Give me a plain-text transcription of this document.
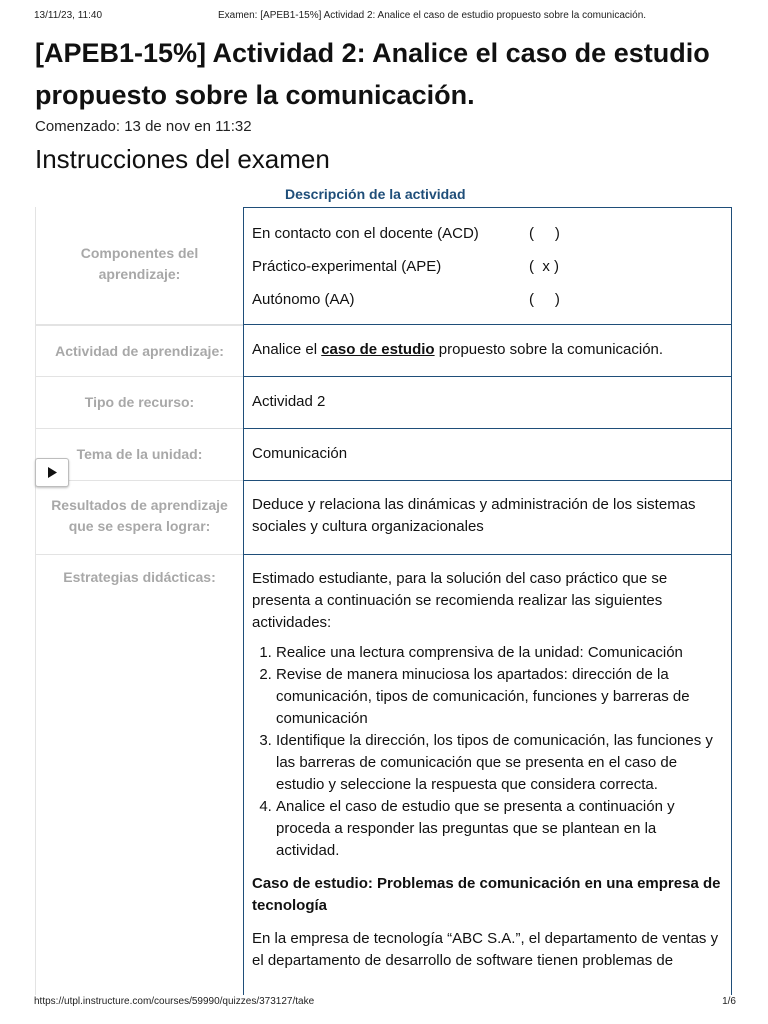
13/11/23, 11:40	Examen: [APEB1-15%] Actividad 2: Analice el caso de estudio propuesto sobre la comunicación.
[APEB1-15%] Actividad 2: Analice el caso de estudio propuesto sobre la comunicación.
Comenzado: 13 de nov en 11:32
Instrucciones del examen
Descripción de la actividad
Componentes del aprendizaje:
En contacto con el docente (ACD)	(     )
Práctico-experimental (APE)	(  x )
Autónomo (AA)	(     )
Actividad de aprendizaje:	Analice el caso de estudio propuesto sobre la comunicación.
Tipo de recurso:	Actividad 2
Tema de la unidad:	Comunicación
Resultados de aprendizaje que se espera lograr:
Deduce y relaciona las dinámicas y administración de los sistemas sociales y cultura organizacionales
Estrategias didácticas:	Estimado estudiante, para la solución del caso práctico que se presenta a continuación se recomienda realizar las siguientes actividades:
1. Realice una lectura comprensiva de la unidad: Comunicación
2. Revise de manera minuciosa los apartados: dirección de la comunicación, tipos de comunicación, funciones y barreras de comunicación
3. Identifique la dirección, los tipos de comunicación, las funciones y las barreras de comunicación que se presenta en el caso de estudio y seleccione la respuesta que considera correcta.
4. Analice el caso de estudio que se presenta a continuación y proceda a responder las preguntas que se plantean en la actividad.
Caso de estudio: Problemas de comunicación en una empresa de tecnología
En la empresa de tecnología “ABC S.A.”, el departamento de ventas y el departamento de desarrollo de software tienen problemas de
https://utpl.instructure.com/courses/59990/quizzes/373127/take	1/6
